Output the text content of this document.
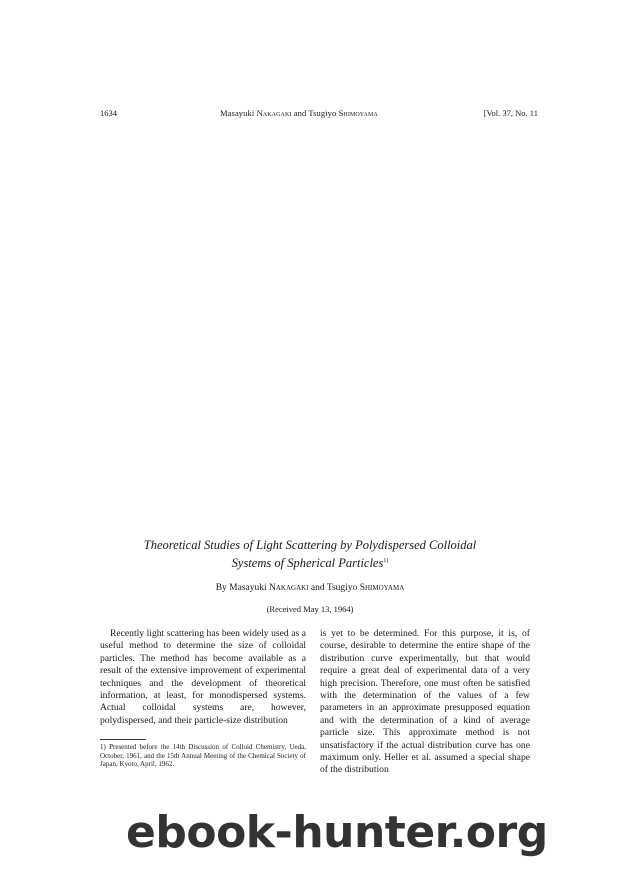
1634	Masayuki Nakagaki and Tsugiyo Shimoyama	[Vol. 37, No. 11
Theoretical Studies of Light Scattering by Polydispersed Colloidal
Systems of Spherical Particles$^{1)}$
By Masayuki Nakagaki and Tsugiyo Shimoyama
(Received May 13, 1964)

Recently light scattering has been widely used as a useful method to determine the size of colloidal particles. The method has become available as a result of the extensive improvement of experimental techniques and the development of theoretical information, at least, for monodispersed systems. Actual colloidal systems are, however, polydispersed, and their particle-size distribution

is yet to be determined. For this purpose, it is, of course, desirable to determine the entire shape of the distribution curve experimentally, but that would require a great deal of experimental data of a very high precision. Therefore, one must often be satisfied with the determination of the values of a few parameters in an approximate presupposed equation and with the determination of a kind of average particle size. This approximate method is not unsatisfactory if the actual distribution curve has one maximum only. Heller et al. assumed a special shape of the distribution

1) Presented before the 14th Discussion of Colloid Chemistry, Ueda, October, 1961, and the 15th Annual Meeting of the Chemical Society of Japan, Kyoto, April, 1962.
ebook-hunter.org
